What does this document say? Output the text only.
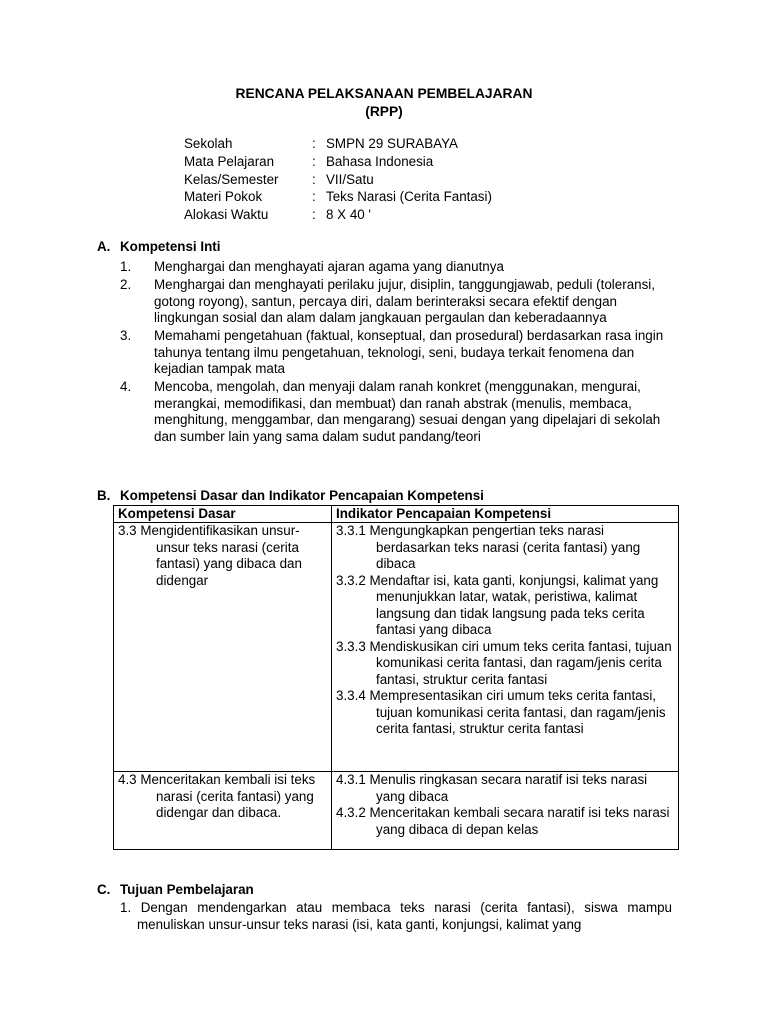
RENCANA PELAKSANAAN PEMBELAJARAN
(RPP)
Sekolah	: SMPN 29 SURABAYA
Mata Pelajaran	: Bahasa Indonesia
Kelas/Semester	: VII/Satu
Materi Pokok	: Teks Narasi (Cerita Fantasi)
Alokasi Waktu	: 8 X 40 '
A. Kompetensi Inti
1.	Menghargai dan menghayati ajaran agama yang dianutnya
2.	Menghargai dan menghayati perilaku jujur, disiplin, tanggungjawab, peduli (toleransi, gotong royong), santun, percaya diri, dalam berinteraksi secara efektif dengan lingkungan sosial dan alam dalam jangkauan pergaulan dan keberadaannya
3.	Memahami pengetahuan (faktual, konseptual, dan prosedural) berdasarkan rasa ingin tahunya tentang ilmu pengetahuan, teknologi, seni, budaya terkait fenomena dan kejadian tampak mata
4.	Mencoba, mengolah, dan menyaji dalam ranah konkret (menggunakan, mengurai, merangkai, memodifikasi, dan membuat) dan ranah abstrak (menulis, membaca, menghitung, menggambar, dan mengarang) sesuai dengan yang dipelajari di sekolah dan sumber lain yang sama dalam sudut pandang/teori
B. Kompetensi Dasar dan Indikator Pencapaian Kompetensi
Kompetensi Dasar	Indikator Pencapaian Kompetensi

3.3 Mengidentifikasikan unsur-unsur teks narasi (cerita fantasi) yang dibaca dan didengar	3.3.1 Mengungkapkan pengertian teks narasi berdasarkan teks narasi (cerita fantasi) yang dibaca
3.3.2 Mendaftar isi, kata ganti, konjungsi, kalimat yang menunjukkan latar, watak, peristiwa, kalimat langsung dan tidak langsung pada teks cerita fantasi yang dibaca
3.3.3 Mendiskusikan ciri umum teks cerita fantasi, tujuan komunikasi cerita fantasi, dan ragam/jenis cerita fantasi, struktur cerita fantasi
3.3.4 Mempresentasikan ciri umum teks cerita fantasi, tujuan komunikasi cerita fantasi, dan ragam/jenis cerita fantasi, struktur cerita fantasi

4.3 Menceritakan kembali isi teks narasi (cerita fantasi) yang didengar dan dibaca.	4.3.1 Menulis ringkasan secara naratif isi teks narasi yang dibaca
4.3.2 Menceritakan kembali secara naratif isi teks narasi yang dibaca di depan kelas
C. Tujuan Pembelajaran
1. Dengan mendengarkan atau membaca teks narasi (cerita fantasi), siswa mampu menuliskan unsur-unsur teks narasi (isi, kata ganti, konjungsi, kalimat yang
